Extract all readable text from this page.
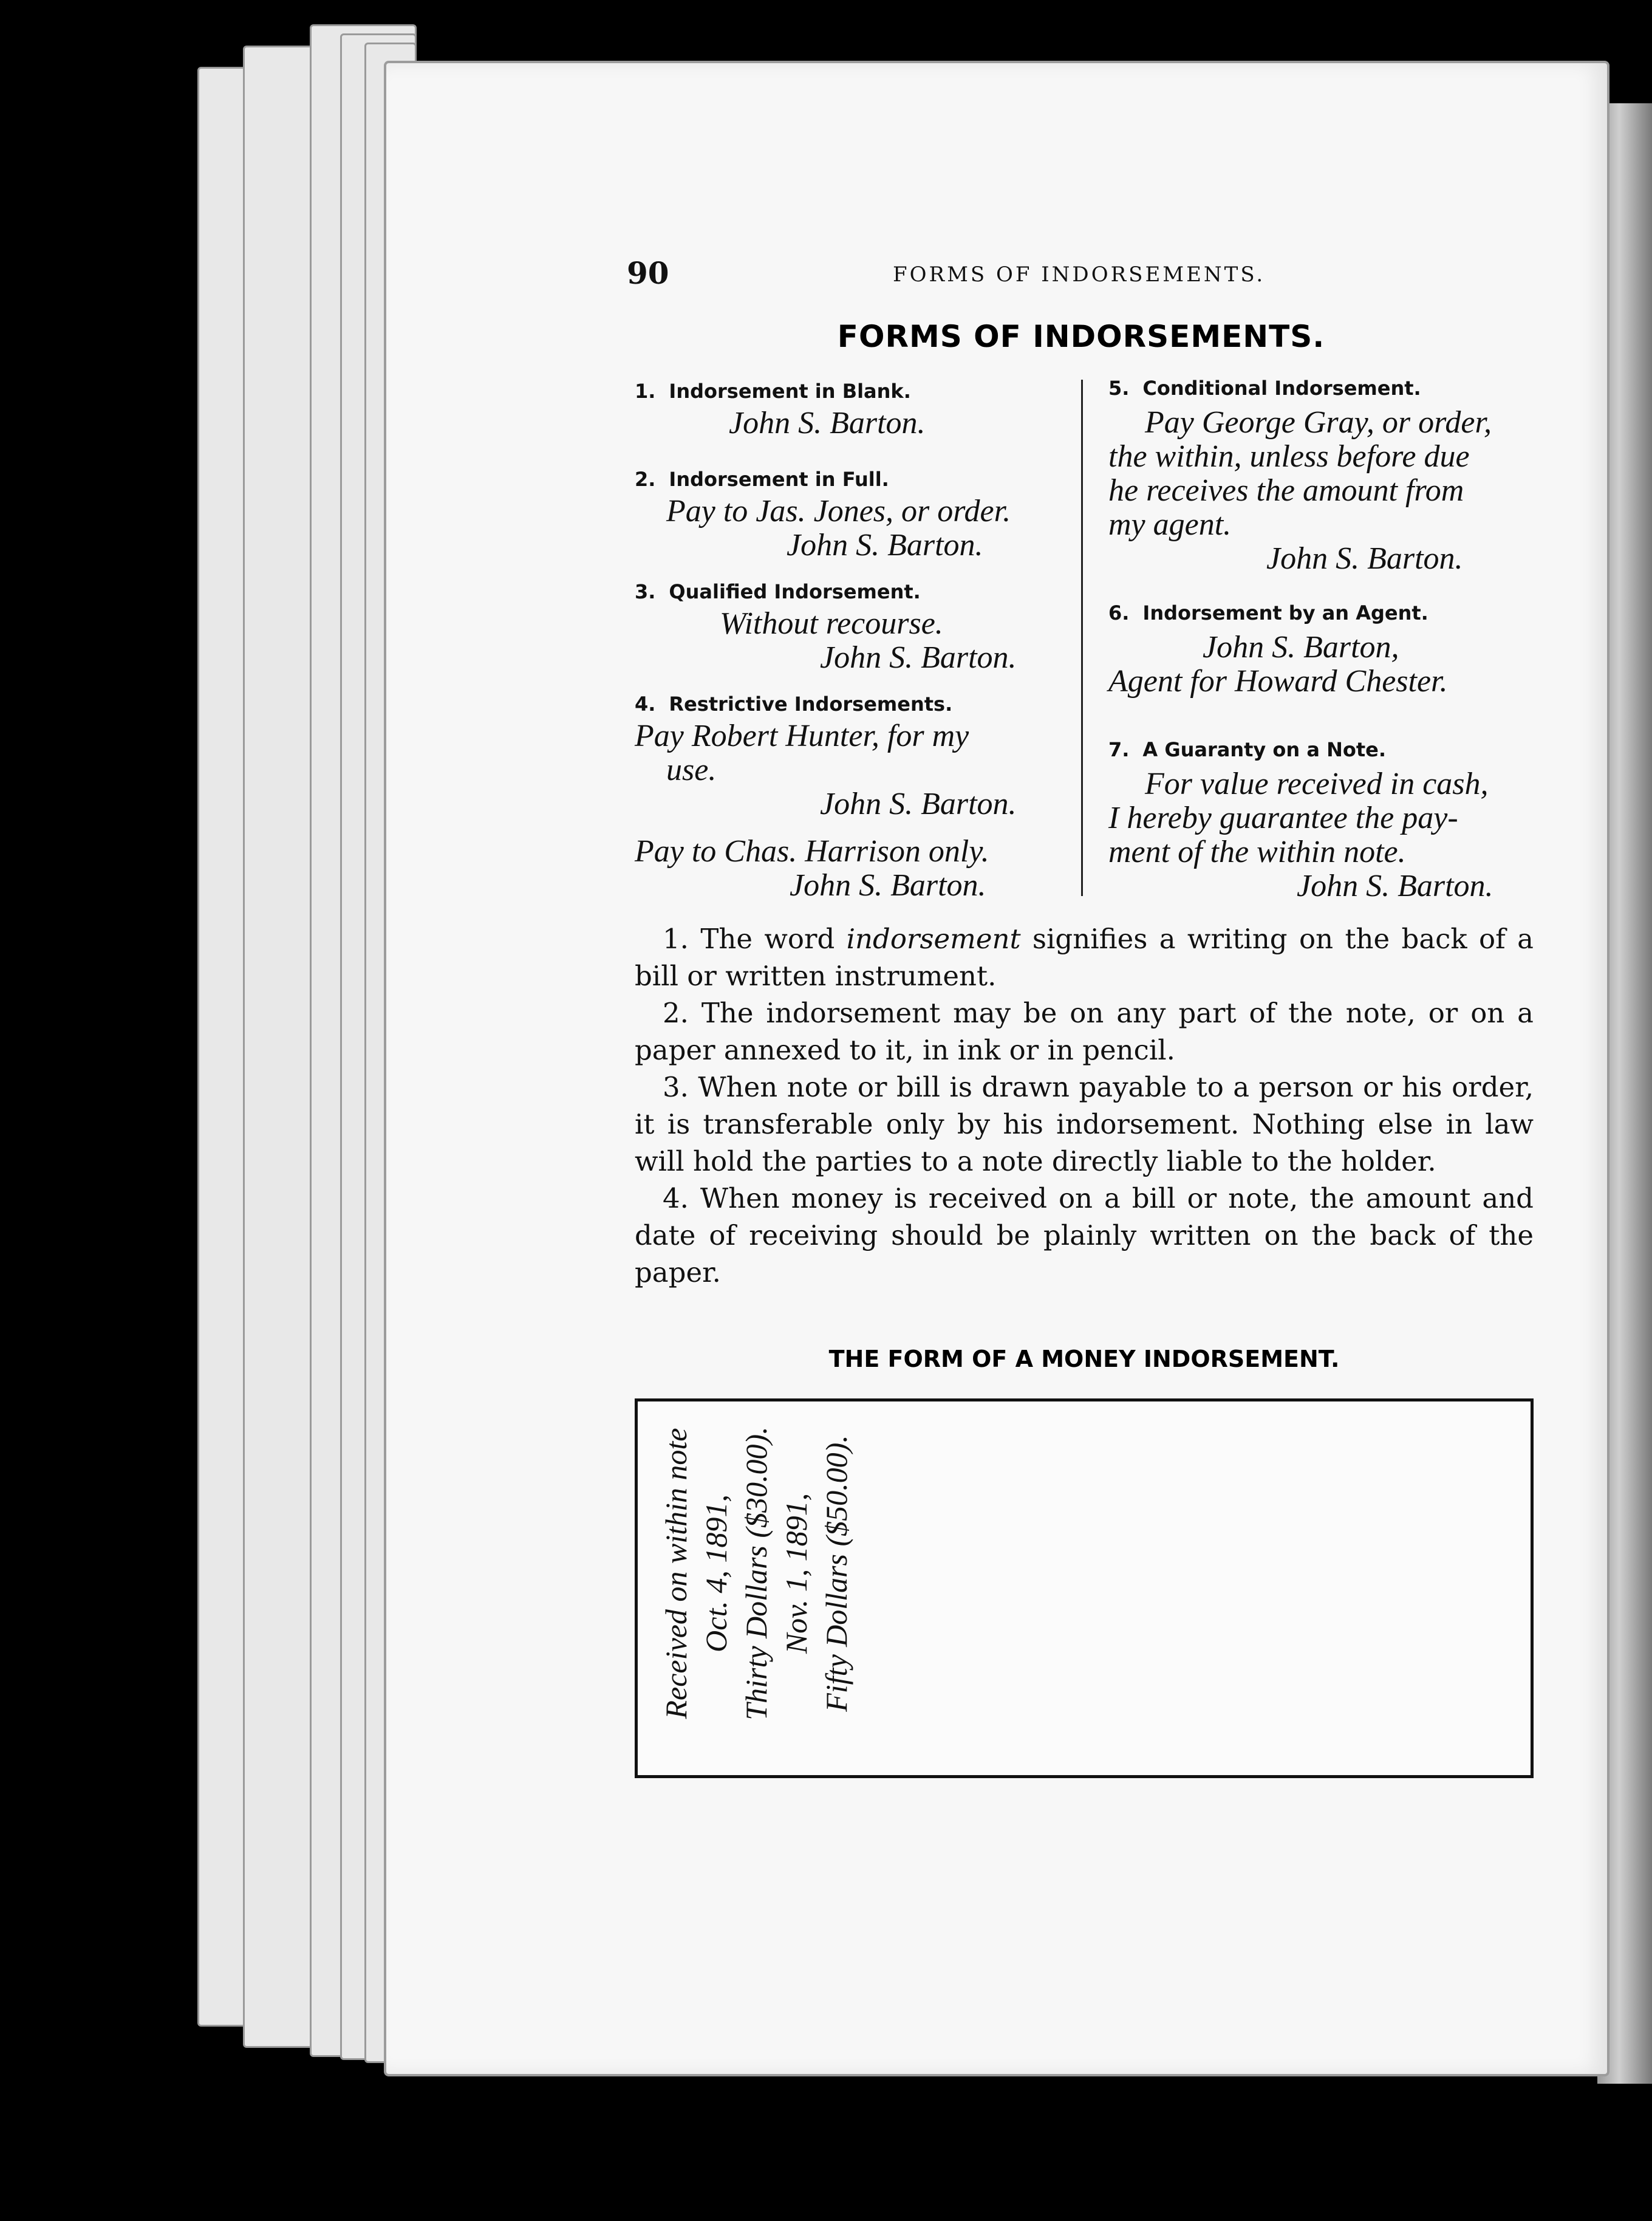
90	FORMS OF INDORSEMENTS.
FORMS OF INDORSEMENTS.
1. Indorsement in Blank.
John S. Barton.
2. Indorsement in Full.
Pay to Jas. Jones, or order.
John S. Barton.
3. Qualified Indorsement.
Without recourse.
John S. Barton.
4. Restrictive Indorsements.
Pay Robert Hunter, for my
use.
John S. Barton.
Pay to Chas. Harrison only.
John S. Barton.
5. Conditional Indorsement.
Pay George Gray, or order,
the within, unless before due
he receives the amount from
my agent.
John S. Barton.
6. Indorsement by an Agent.
John S. Barton,
Agent for Howard Chester.
7. A Guaranty on a Note.
For value received in cash,
I hereby guarantee the pay-
ment of the within note.
John S. Barton.

1. The word indorsement signifies a writing on the back of a bill or written instrument.

2. The indorsement may be on any part of the note, or on a paper annexed to it, in ink or in pencil.

3. When note or bill is drawn payable to a person or his order, it is transferable only by his indorsement. Nothing else in law will hold the parties to a note directly liable to the holder.

4. When money is received on a bill or note, the amount and date of receiving should be plainly written on the back of the paper.

THE FORM OF A MONEY INDORSEMENT.
Received on within note Oct. 4, 1891, Thirty Dollars ($30.00). Nov. 1, 1891, Fifty Dollars ($50.00).
